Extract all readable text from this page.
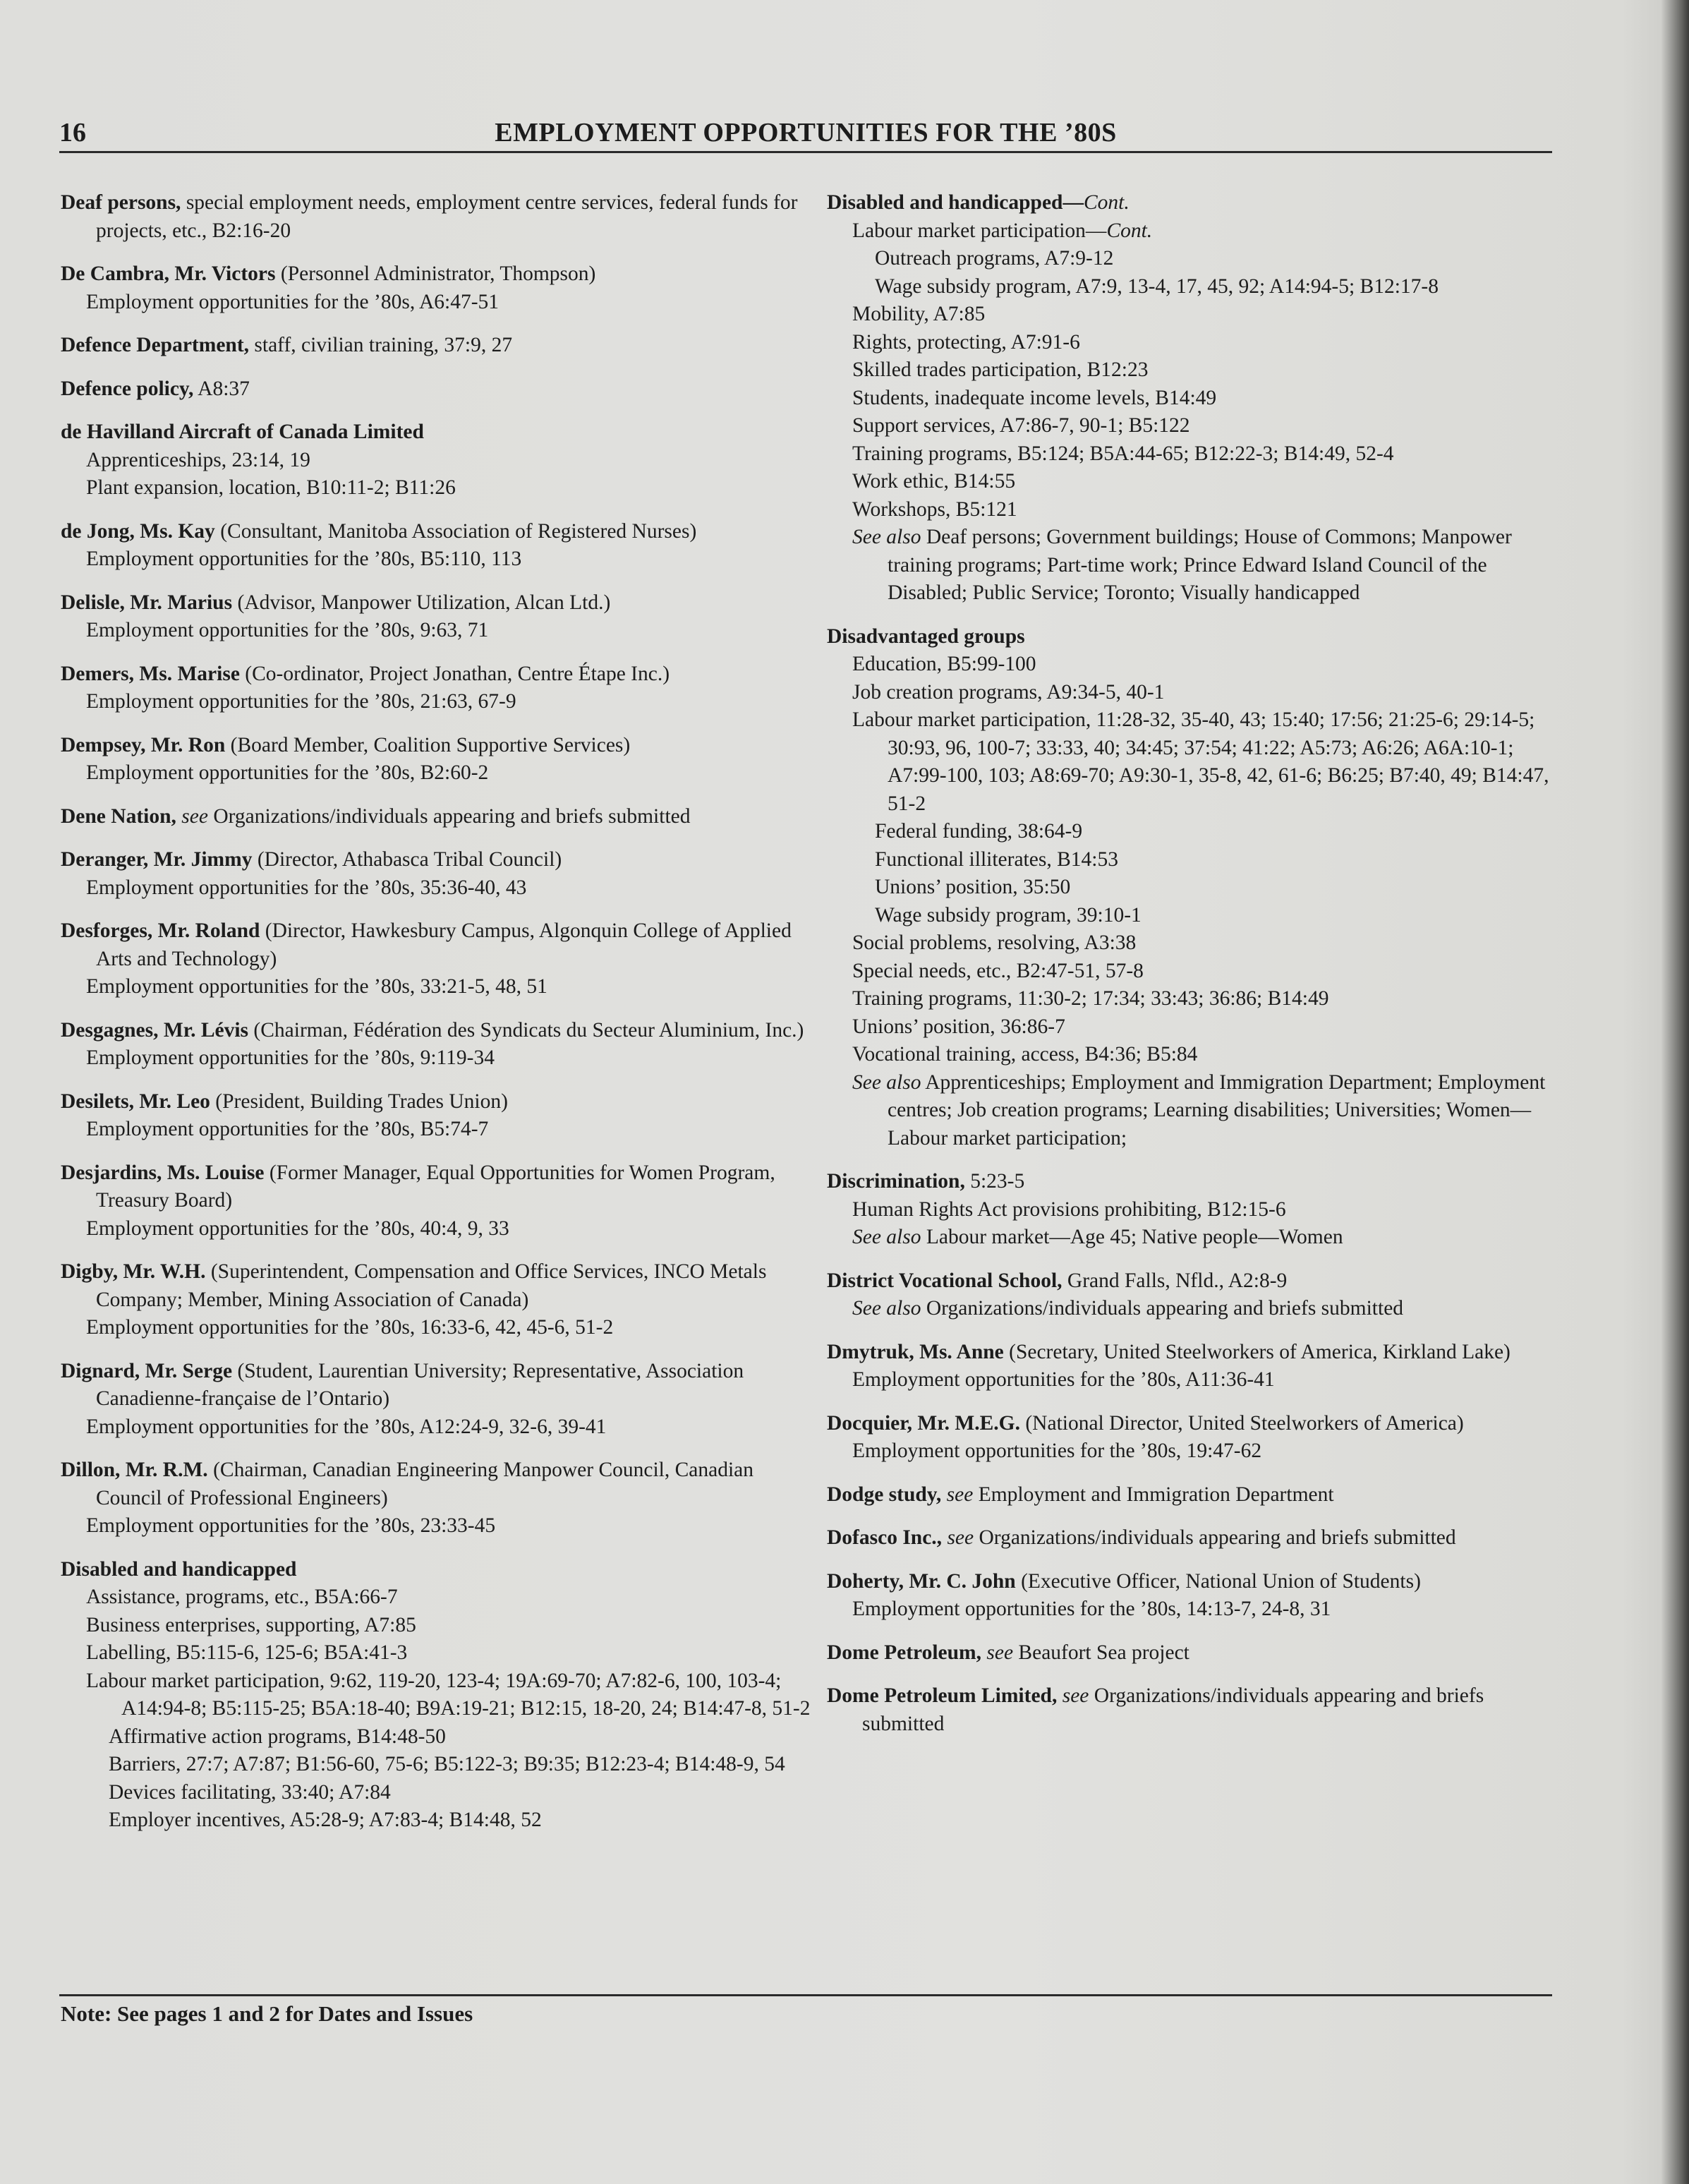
16	EMPLOYMENT OPPORTUNITIES FOR THE ’80S
Deaf persons, special employment needs, employment centre services, federal funds for projects, etc., B2:16-20
De Cambra, Mr. Victors (Personnel Administrator, Thompson)
Employment opportunities for the ’80s, A6:47-51
Defence Department, staff, civilian training, 37:9, 27
Defence policy, A8:37
de Havilland Aircraft of Canada Limited
Apprenticeships, 23:14, 19
Plant expansion, location, B10:11-2; B11:26
de Jong, Ms. Kay (Consultant, Manitoba Association of Registered Nurses)
Employment opportunities for the ’80s, B5:110, 113
Delisle, Mr. Marius (Advisor, Manpower Utilization, Alcan Ltd.)
Employment opportunities for the ’80s, 9:63, 71
Demers, Ms. Marise (Co-ordinator, Project Jonathan, Centre Étape Inc.)
Employment opportunities for the ’80s, 21:63, 67-9
Dempsey, Mr. Ron (Board Member, Coalition Supportive Services)
Employment opportunities for the ’80s, B2:60-2
Dene Nation, see Organizations/individuals appearing and briefs submitted
Deranger, Mr. Jimmy (Director, Athabasca Tribal Council)
Employment opportunities for the ’80s, 35:36-40, 43
Desforges, Mr. Roland (Director, Hawkesbury Campus, Algonquin College of Applied Arts and Technology)
Employment opportunities for the ’80s, 33:21-5, 48, 51
Desgagnes, Mr. Lévis (Chairman, Fédération des Syndicats du Secteur Aluminium, Inc.)
Employment opportunities for the ’80s, 9:119-34
Desilets, Mr. Leo (President, Building Trades Union)
Employment opportunities for the ’80s, B5:74-7
Desjardins, Ms. Louise (Former Manager, Equal Opportunities for Women Program, Treasury Board)
Employment opportunities for the ’80s, 40:4, 9, 33
Digby, Mr. W.H. (Superintendent, Compensation and Office Services, INCO Metals Company; Member, Mining Association of Canada)
Employment opportunities for the ’80s, 16:33-6, 42, 45-6, 51-2
Dignard, Mr. Serge (Student, Laurentian University; Representative, Association Canadienne-française de l’Ontario)
Employment opportunities for the ’80s, A12:24-9, 32-6, 39-41
Dillon, Mr. R.M. (Chairman, Canadian Engineering Manpower Council, Canadian Council of Professional Engineers)
Employment opportunities for the ’80s, 23:33-45
Disabled and handicapped
Assistance, programs, etc., B5A:66-7
Business enterprises, supporting, A7:85
Labelling, B5:115-6, 125-6; B5A:41-3
Labour market participation, 9:62, 119-20, 123-4; 19A:69-70; A7:82-6, 100, 103-4; A14:94-8; B5:115-25; B5A:18-40; B9A:19-21; B12:15, 18-20, 24; B14:47-8, 51-2
Affirmative action programs, B14:48-50
Barriers, 27:7; A7:87; B1:56-60, 75-6; B5:122-3; B9:35; B12:23-4; B14:48-9, 54
Devices facilitating, 33:40; A7:84
Employer incentives, A5:28-9; A7:83-4; B14:48, 52
Disabled and handicapped—Cont.
Labour market participation—Cont.
Outreach programs, A7:9-12
Wage subsidy program, A7:9, 13-4, 17, 45, 92; A14:94-5; B12:17-8
Mobility, A7:85
Rights, protecting, A7:91-6
Skilled trades participation, B12:23
Students, inadequate income levels, B14:49
Support services, A7:86-7, 90-1; B5:122
Training programs, B5:124; B5A:44-65; B12:22-3; B14:49, 52-4
Work ethic, B14:55
Workshops, B5:121
See also Deaf persons; Government buildings; House of Commons; Manpower training programs; Part-time work; Prince Edward Island Council of the Disabled; Public Service; Toronto; Visually handicapped
Disadvantaged groups
Education, B5:99-100
Job creation programs, A9:34-5, 40-1
Labour market participation, 11:28-32, 35-40, 43; 15:40; 17:56; 21:25-6; 29:14-5; 30:93, 96, 100-7; 33:33, 40; 34:45; 37:54; 41:22; A5:73; A6:26; A6A:10-1; A7:99-100, 103; A8:69-70; A9:30-1, 35-8, 42, 61-6; B6:25; B7:40, 49; B14:47, 51-2
Federal funding, 38:64-9
Functional illiterates, B14:53
Unions’ position, 35:50
Wage subsidy program, 39:10-1
Social problems, resolving, A3:38
Special needs, etc., B2:47-51, 57-8
Training programs, 11:30-2; 17:34; 33:43; 36:86; B14:49
Unions’ position, 36:86-7
Vocational training, access, B4:36; B5:84
See also Apprenticeships; Employment and Immigration Department; Employment centres; Job creation programs; Learning disabilities; Universities; Women—Labour market participation;
Discrimination, 5:23-5
Human Rights Act provisions prohibiting, B12:15-6
See also Labour market—Age 45; Native people—Women
District Vocational School, Grand Falls, Nfld., A2:8-9
See also Organizations/individuals appearing and briefs submitted
Dmytruk, Ms. Anne (Secretary, United Steelworkers of America, Kirkland Lake)
Employment opportunities for the ’80s, A11:36-41
Docquier, Mr. M.E.G. (National Director, United Steelworkers of America)
Employment opportunities for the ’80s, 19:47-62
Dodge study, see Employment and Immigration Department
Dofasco Inc., see Organizations/individuals appearing and briefs submitted
Doherty, Mr. C. John (Executive Officer, National Union of Students)
Employment opportunities for the ’80s, 14:13-7, 24-8, 31
Dome Petroleum, see Beaufort Sea project
Dome Petroleum Limited, see Organizations/individuals appearing and briefs submitted
Note: See pages 1 and 2 for Dates and Issues
